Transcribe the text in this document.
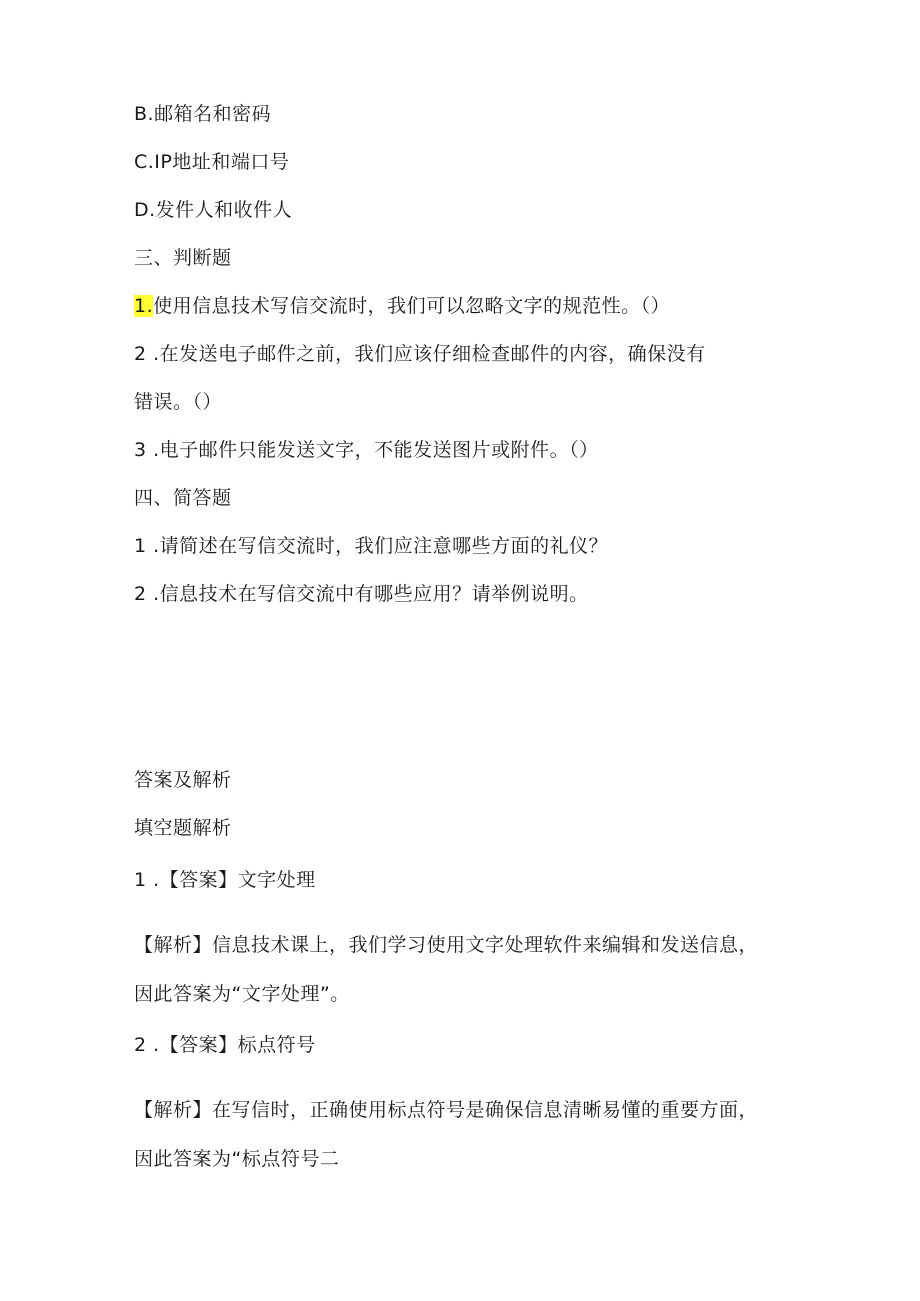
B.邮箱名和密码
C.IP地址和端口号
D.发件人和收件人
三、判断题
1.使用信息技术写信交流时，我们可以忽略文字的规范性。（）
2 .在发送电子邮件之前，我们应该仔细检查邮件的内容，确保没有
错误。（）
3 .电子邮件只能发送文字，不能发送图片或附件。（）
四、简答题
1 .请简述在写信交流时，我们应注意哪些方面的礼仪？
2 .信息技术在写信交流中有哪些应用？请举例说明。
答案及解析
填空题解析
1 .【答案】文字处理
【解析】信息技术课上，我们学习使用文字处理软件来编辑和发送信息，
因此答案为“文字处理”。
2 .【答案】标点符号
【解析】在写信时，正确使用标点符号是确保信息清晰易懂的重要方面，
因此答案为“标点符号二
